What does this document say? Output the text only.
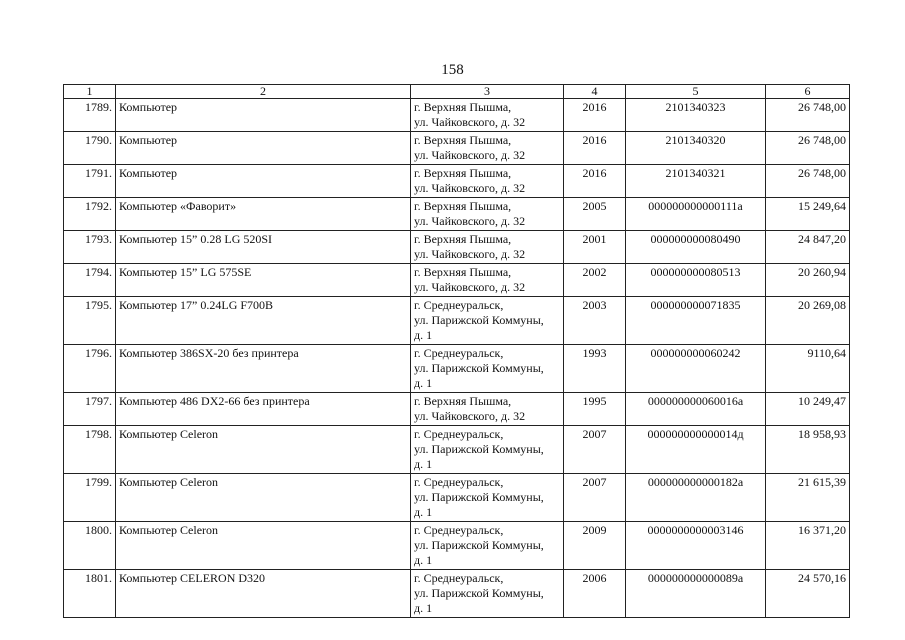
158
1	2	3	4	5	6
1789.	Компьютер	г. Верхняя Пышма,
ул. Чайковского, д. 32	2016	2101340323	26 748,00
1790.	Компьютер	г. Верхняя Пышма,
ул. Чайковского, д. 32	2016	2101340320	26 748,00
1791.	Компьютер	г. Верхняя Пышма,
ул. Чайковского, д. 32	2016	2101340321	26 748,00
1792.	Компьютер «Фаворит»	г. Верхняя Пышма,
ул. Чайковского, д. 32	2005	000000000000111а	15 249,64
1793.	Компьютер 15” 0.28 LG 520SI	г. Верхняя Пышма,
ул. Чайковского, д. 32	2001	000000000080490	24 847,20
1794.	Компьютер 15” LG 575SE	г. Верхняя Пышма,
ул. Чайковского, д. 32	2002	000000000080513	20 260,94
1795.	Компьютер 17” 0.24LG F700B	г. Среднеуральск,
ул. Парижской Коммуны,
д. 1	2003	000000000071835	20 269,08
1796.	Компьютер 386SX-20 без принтера	г. Среднеуральск,
ул. Парижской Коммуны,
д. 1	1993	000000000060242	9110,64
1797.	Компьютер 486 DX2-66 без принтера	г. Верхняя Пышма,
ул. Чайковского, д. 32	1995	000000000060016а	10 249,47
1798.	Компьютер Celeron	г. Среднеуральск,
ул. Парижской Коммуны,
д. 1	2007	000000000000014д	18 958,93
1799.	Компьютер Celeron	г. Среднеуральск,
ул. Парижской Коммуны,
д. 1	2007	000000000000182а	21 615,39
1800.	Компьютер Celeron	г. Среднеуральск,
ул. Парижской Коммуны,
д. 1	2009	0000000000003146	16 371,20
1801.	Компьютер CELERON D320	г. Среднеуральск,
ул. Парижской Коммуны,
д. 1	2006	000000000000089а	24 570,16
